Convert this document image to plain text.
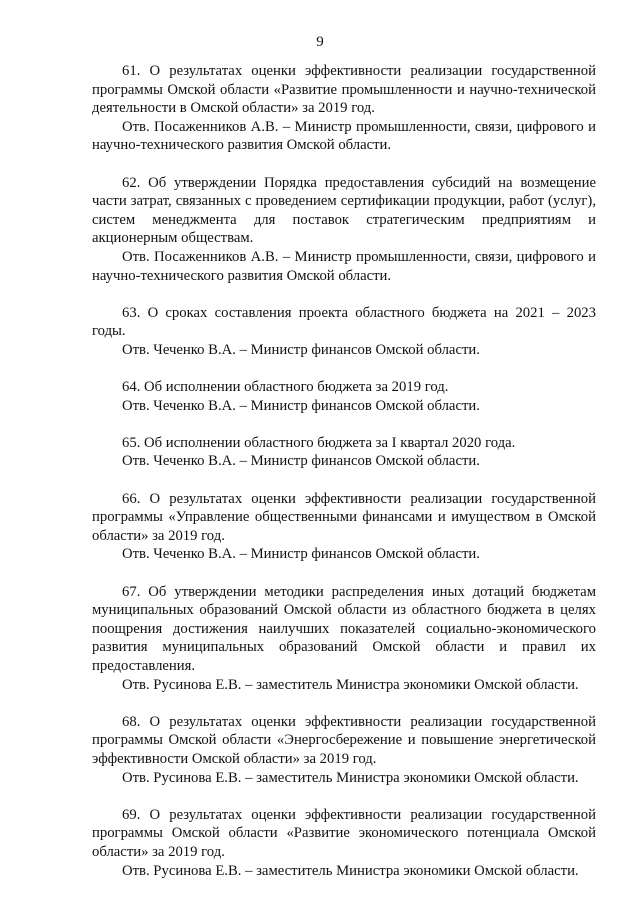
9

61. О результатах оценки эффективности реализации государственной программы Омской области «Развитие промышленности и научно-технической деятельности в Омской области» за 2019 год.

Отв. Посаженников А.В. – Министр промышленности, связи, цифрового и научно-технического развития Омской области.

62. Об утверждении Порядка предоставления субсидий на возмещение части затрат, связанных с проведением сертификации продукции, работ (услуг), систем менеджмента для поставок стратегическим предприятиям и акционерным обществам.

Отв. Посаженников А.В. – Министр промышленности, связи, цифрового и научно-технического развития Омской области.

63. О сроках составления проекта областного бюджета на 2021 – 2023 годы.

Отв. Чеченко В.А. – Министр финансов Омской области.

64. Об исполнении областного бюджета за 2019 год.

Отв. Чеченко В.А. – Министр финансов Омской области.

65. Об исполнении областного бюджета за I квартал 2020 года.

Отв. Чеченко В.А. – Министр финансов Омской области.

66. О результатах оценки эффективности реализации государственной программы «Управление общественными финансами и имуществом в Омской области» за 2019 год.

Отв. Чеченко В.А. – Министр финансов Омской области.

67. Об утверждении методики распределения иных дотаций бюджетам муниципальных образований Омской области из областного бюджета в целях поощрения достижения наилучших показателей социально-экономического развития муниципальных образований Омской области и правил их предоставления.

Отв. Русинова Е.В. – заместитель Министра экономики Омской области.

68. О результатах оценки эффективности реализации государственной программы Омской области «Энергосбережение и повышение энергетической эффективности Омской области» за 2019 год.

Отв. Русинова Е.В. – заместитель Министра экономики Омской области.

69. О результатах оценки эффективности реализации государственной программы Омской области «Развитие экономического потенциала Омской области» за 2019 год.

Отв. Русинова Е.В. – заместитель Министра экономики Омской области.
